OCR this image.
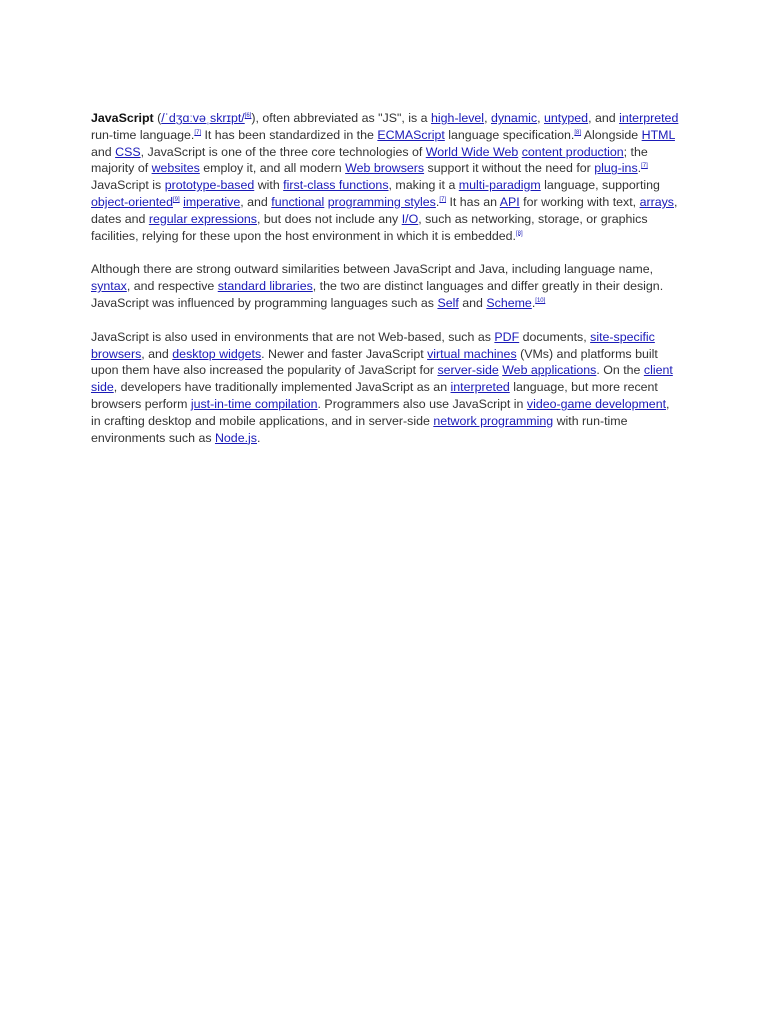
JavaScript (/ˈdʒɑːvəˌskrɪpt/[6]), often abbreviated as "JS", is a high-level, dynamic, untyped, and interpreted run-time language.[7] It has been standardized in the ECMAScript language specification.[8] Alongside HTML and CSS, JavaScript is one of the three core technologies of World Wide Web content production; the majority of websites employ it, and all modern Web browsers support it without the need for plug-ins.[7] JavaScript is prototype-based with first-class functions, making it a multi-paradigm language, supporting object-oriented[9] imperative, and functional programming styles.[7] It has an API for working with text, arrays, dates and regular expressions, but does not include any I/O, such as networking, storage, or graphics facilities, relying for these upon the host environment in which it is embedded.[8]

Although there are strong outward similarities between JavaScript and Java, including language name, syntax, and respective standard libraries, the two are distinct languages and differ greatly in their design. JavaScript was influenced by programming languages such as Self and Scheme.[10]

JavaScript is also used in environments that are not Web-based, such as PDF documents, site-specific browsers, and desktop widgets. Newer and faster JavaScript virtual machines (VMs) and platforms built upon them have also increased the popularity of JavaScript for server-side Web applications. On the client side, developers have traditionally implemented JavaScript as an interpreted language, but more recent browsers perform just-in-time compilation. Programmers also use JavaScript in video-game development, in crafting desktop and mobile applications, and in server-side network programming with run-time environments such as Node.js.
